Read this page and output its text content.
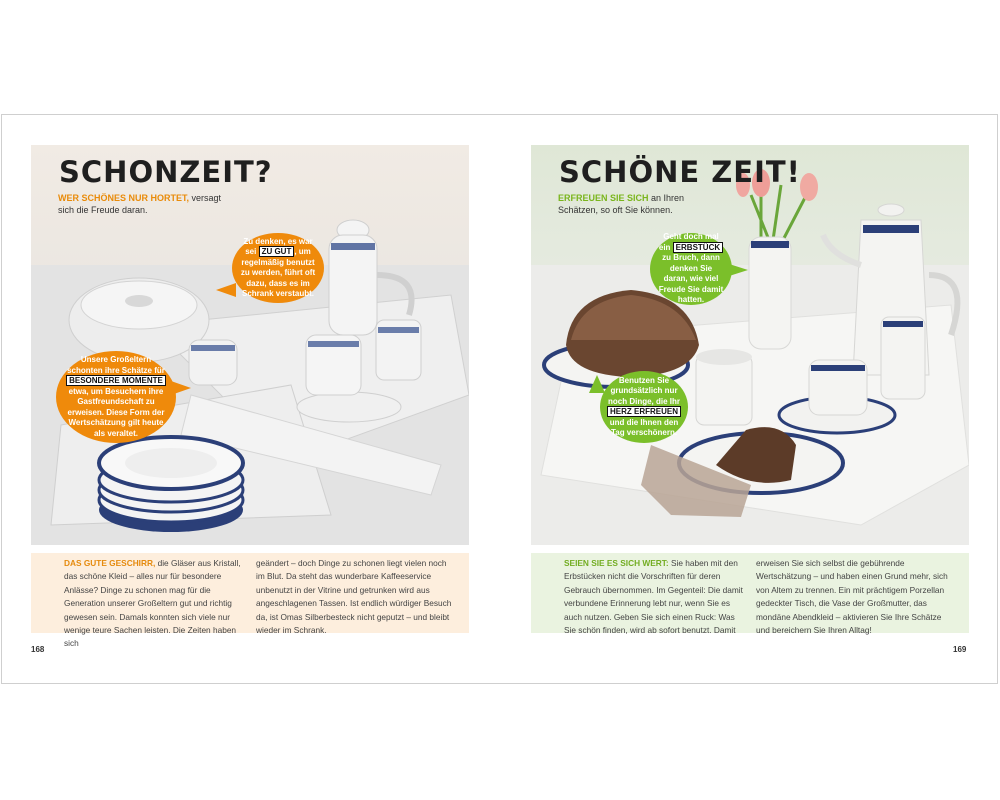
SCHONZEIT?
WER SCHÖNES NUR HORTET, versagt sich die Freude daran.
Zu denken, es war sei ZU GUT , um regelmäßig benutzt zu werden, führt oft dazu, dass es im Schrank verstaubt.
Unsere Großeltern schonten ihre Schätze für BESONDERE MOMENTE etwa, um Besuchern ihre Gastfreundschaft zu erweisen. Diese Form der Wertschätzung gilt heute als veraltet.
SCHÖNE ZEIT!
ERFREUEN SIE SICH an Ihren Schätzen, so oft Sie können.
Geht doch mal ein ERBSTÜCK zu Bruch, dann denken Sie daran, wie viel Freude Sie damit hatten.
Benutzen Sie grundsätzlich nur noch Dinge, die Ihr HERZ ERFREUEN und die Ihnen den Tag verschönern.
DAS GUTE GESCHIRR, die Gläser aus Kristall, das schöne Kleid – alles nur für besondere Anlässe? Dinge zu schonen mag für die Generation unserer Großeltern gut und richtig gewesen sein. Damals konnten sich viele nur wenige teure Sachen leisten. Die Zeiten haben sich
geändert – doch Dinge zu schonen liegt vielen noch im Blut. Da steht das wunderbare Kaffeeservice unbenutzt in der Vitrine und getrunken wird aus angeschlagenen Tassen. Ist endlich würdiger Besuch da, ist Omas Silberbesteck nicht geputzt – und bleibt wieder im Schrank.
SEIEN SIE ES SICH WERT: Sie haben mit den Erbstücken nicht die Vorschriften für deren Gebrauch übernommen. Im Gegenteil: Die damit verbundene Erinnerung lebt nur, wenn Sie es auch nutzen. Geben Sie sich einen Ruck: Was Sie schön finden, wird ab sofort benutzt. Damit
erweisen Sie sich selbst die gebührende Wertschätzung – und haben einen Grund mehr, sich von Altem zu trennen. Ein mit prächtigem Porzellan gedeckter Tisch, die Vase der Großmutter, das mondäne Abendkleid – aktivieren Sie Ihre Schätze und bereichern Sie Ihren Alltag!
168	169
